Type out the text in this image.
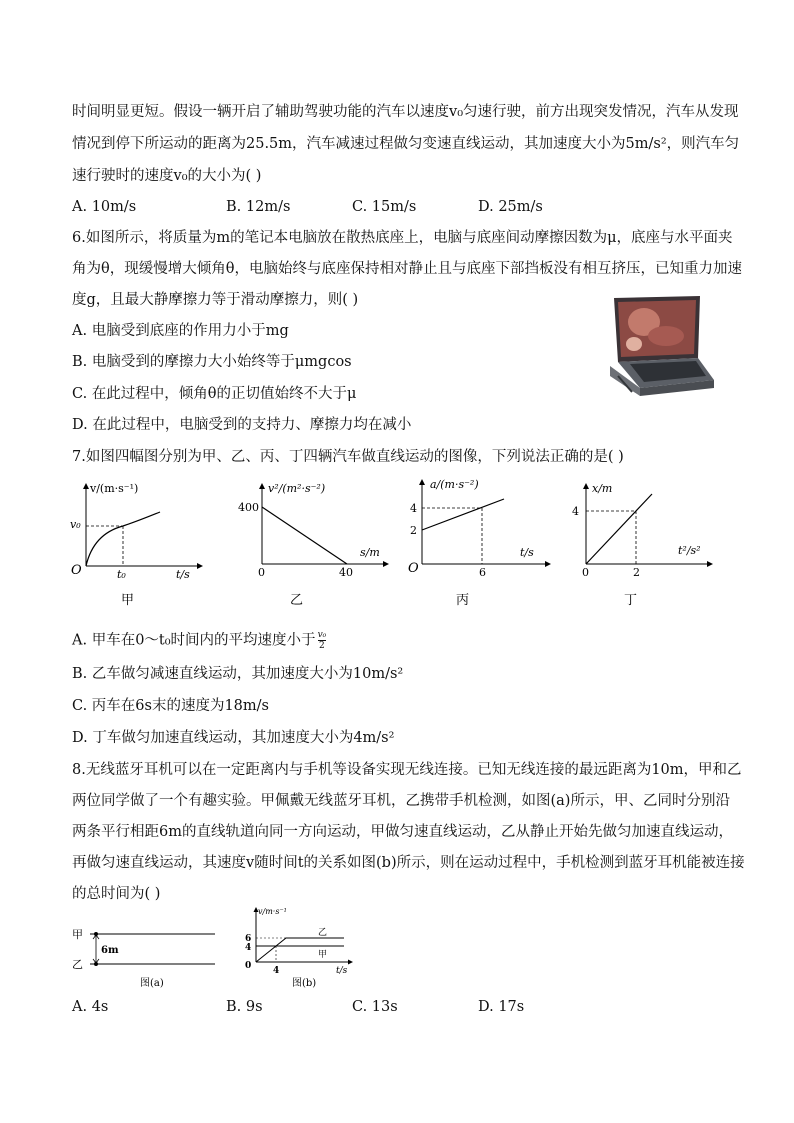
时间明显更短。假设一辆开启了辅助驾驶功能的汽车以速度v₀匀速行驶，前方出现突发情况，汽车从发现
情况到停下所运动的距离为25.5m，汽车减速过程做匀变速直线运动，其加速度大小为5m/s²，则汽车匀
速行驶时的速度v₀的大小为( )
A. 10m/s	B. 12m/s	C. 15m/s	D. 25m/s
6.如图所示，将质量为m的笔记本电脑放在散热底座上，电脑与底座间动摩擦因数为μ，底座与水平面夹
角为θ，现缓慢增大倾角θ，电脑始终与底座保持相对静止且与底座下部挡板没有相互挤压，已知重力加速
度g，且最大静摩擦力等于滑动摩擦力，则( )
A. 电脑受到底座的作用力小于mg
B. 电脑受到的摩擦力大小始终等于μmgcos
C. 在此过程中，倾角θ的正切值始终不大于μ
D. 在此过程中，电脑受到的支持力、摩擦力均在减小
7.如图四幅图分别为甲、乙、丙、丁四辆汽车做直线运动的图像，下列说法正确的是( )
v/(m·s⁻¹)
v₀
O	t₀	t/s
甲
v²/(m²·s⁻²)
400
0	40
s/m
乙
a/(m·s⁻²)
4
2
O	6
t/s
丙
x/m
4
0	2
t²/s²
丁
A. 甲车在0～t₀时间内的平均速度小于 $\frac{\text{v₀}}{2}$
B. 乙车做匀减速直线运动，其加速度大小为10m/s²
C. 丙车在6s末的速度为18m/s
D. 丁车做匀加速直线运动，其加速度大小为4m/s²
8.无线蓝牙耳机可以在一定距离内与手机等设备实现无线连接。已知无线连接的最远距离为10m，甲和乙
两位同学做了一个有趣实验。甲佩戴无线蓝牙耳机，乙携带手机检测，如图(a)所示，甲、乙同时分别沿
两条平行相距6m的直线轨道向同一方向运动，甲做匀速直线运动，乙从静止开始先做匀加速直线运动，
再做匀速直线运动，其速度v随时间t的关系如图(b)所示，则在运动过程中，手机检测到蓝牙耳机能被连接
的总时间为( )
甲
乙
6m
图(a)
v/m·s⁻¹
6
4
0 4	t/s
乙
甲
图(b)
A. 4s	B. 9s	C. 13s	D. 17s
